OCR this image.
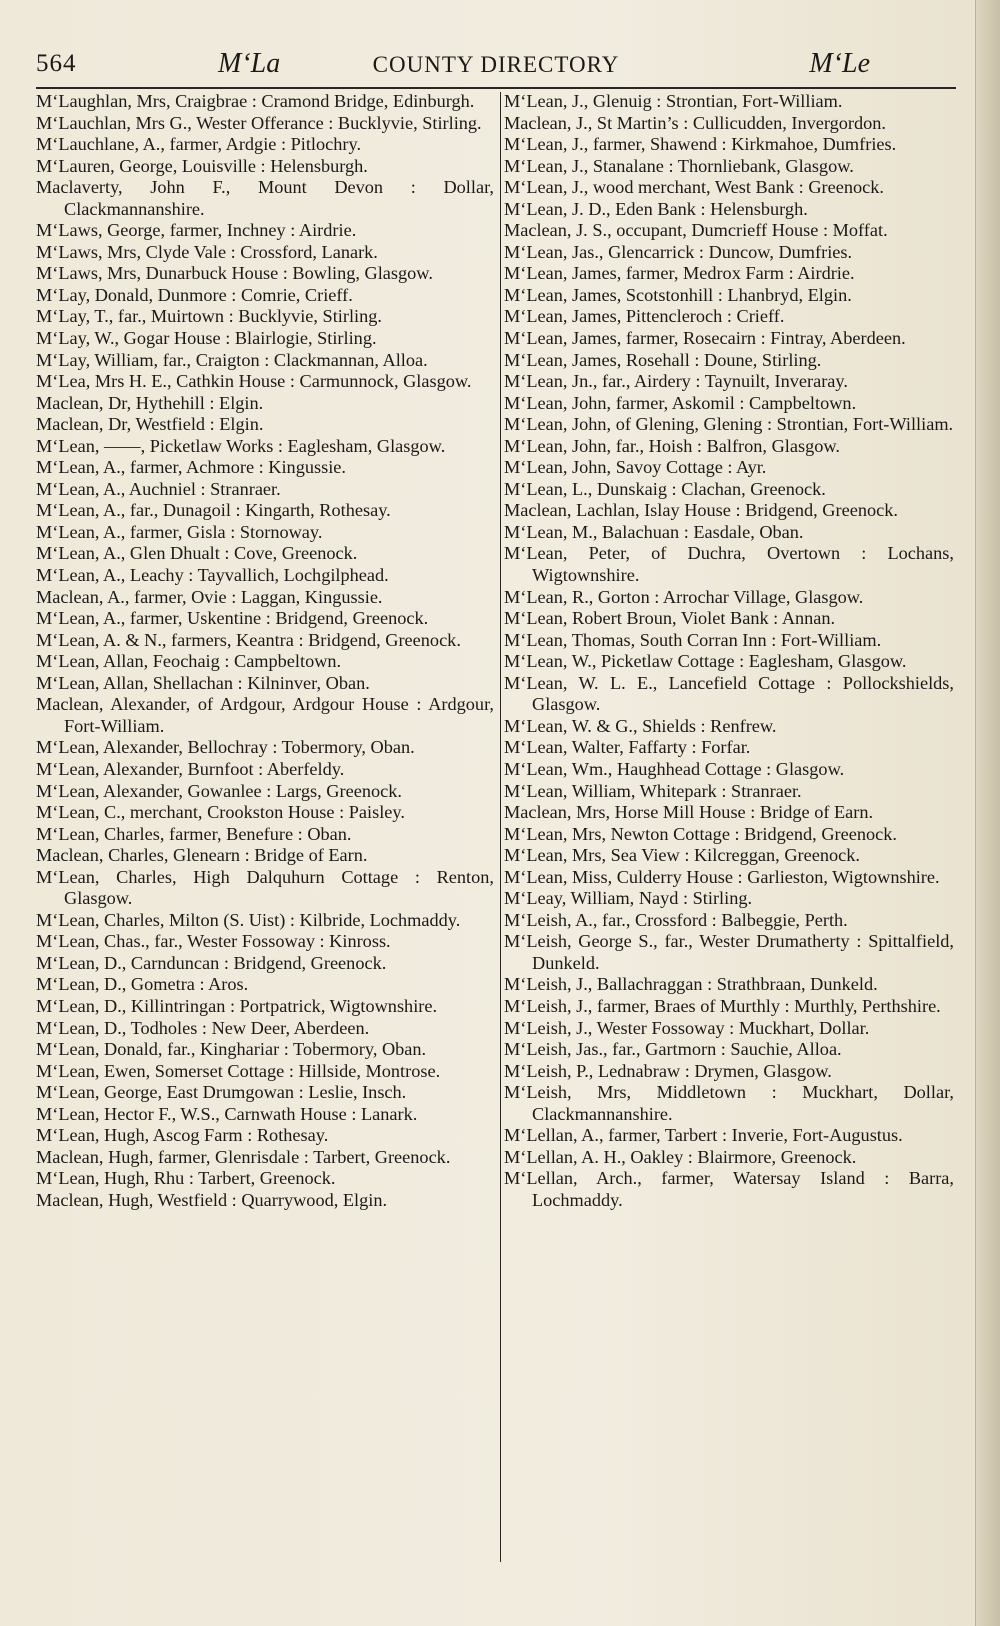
564	M‘La	COUNTY DIRECTORY	M‘Le
M‘Laughlan, Mrs, Craigbrae : Cramond Bridge, Edinburgh.
M‘Lauchlan, Mrs G., Wester Offerance : Bucklyvie, Stirling.
M‘Lauchlane, A., farmer, Ardgie : Pitlochry.
M‘Lauren, George, Louisville : Helensburgh.
Maclaverty, John F., Mount Devon : Dollar, Clackmannanshire.
M‘Laws, George, farmer, Inchney : Airdrie.
M‘Laws, Mrs, Clyde Vale : Crossford, Lanark.
M‘Laws, Mrs, Dunarbuck House : Bowling, Glasgow.
M‘Lay, Donald, Dunmore : Comrie, Crieff.
M‘Lay, T., far., Muirtown : Bucklyvie, Stirling.
M‘Lay, W., Gogar House : Blairlogie, Stirling.
M‘Lay, William, far., Craigton : Clackmannan, Alloa.
M‘Lea, Mrs H. E., Cathkin House : Carmunnock, Glasgow.
Maclean, Dr, Hythehill : Elgin.
Maclean, Dr, Westfield : Elgin.
M‘Lean, ——, Picketlaw Works : Eaglesham, Glasgow.
M‘Lean, A., farmer, Achmore : Kingussie.
M‘Lean, A., Auchniel : Stranraer.
M‘Lean, A., far., Dunagoil : Kingarth, Rothesay.
M‘Lean, A., farmer, Gisla : Stornoway.
M‘Lean, A., Glen Dhualt : Cove, Greenock.
M‘Lean, A., Leachy : Tayvallich, Lochgilphead.
Maclean, A., farmer, Ovie : Laggan, Kingussie.
M‘Lean, A., farmer, Uskentine : Bridgend, Greenock.
M‘Lean, A. & N., farmers, Keantra : Bridgend, Greenock.
M‘Lean, Allan, Feochaig : Campbeltown.
M‘Lean, Allan, Shellachan : Kilninver, Oban.
Maclean, Alexander, of Ardgour, Ardgour House : Ardgour, Fort-William.
M‘Lean, Alexander, Bellochray : Tobermory, Oban.
M‘Lean, Alexander, Burnfoot : Aberfeldy.
M‘Lean, Alexander, Gowanlee : Largs, Greenock.
M‘Lean, C., merchant, Crookston House : Paisley.
M‘Lean, Charles, farmer, Benefure : Oban.
Maclean, Charles, Glenearn : Bridge of Earn.
M‘Lean, Charles, High Dalquhurn Cottage : Renton, Glasgow.
M‘Lean, Charles, Milton (S. Uist) : Kilbride, Lochmaddy.
M‘Lean, Chas., far., Wester Fossoway : Kinross.
M‘Lean, D., Carnduncan : Bridgend, Greenock.
M‘Lean, D., Gometra : Aros.
M‘Lean, D., Killintringan : Portpatrick, Wigtownshire.
M‘Lean, D., Todholes : New Deer, Aberdeen.
M‘Lean, Donald, far., Kinghariar : Tobermory, Oban.
M‘Lean, Ewen, Somerset Cottage : Hillside, Montrose.
M‘Lean, George, East Drumgowan : Leslie, Insch.
M‘Lean, Hector F., W.S., Carnwath House : Lanark.
M‘Lean, Hugh, Ascog Farm : Rothesay.
Maclean, Hugh, farmer, Glenrisdale : Tarbert, Greenock.
M‘Lean, Hugh, Rhu : Tarbert, Greenock.
Maclean, Hugh, Westfield : Quarrywood, Elgin.
M‘Lean, J., Glenuig : Strontian, Fort-William.
Maclean, J., St Martin’s : Cullicudden, Invergordon.
M‘Lean, J., farmer, Shawend : Kirkmahoe, Dumfries.
M‘Lean, J., Stanalane : Thornliebank, Glasgow.
M‘Lean, J., wood merchant, West Bank : Greenock.
M‘Lean, J. D., Eden Bank : Helensburgh.
Maclean, J. S., occupant, Dumcrieff House : Moffat.
M‘Lean, Jas., Glencarrick : Duncow, Dumfries.
M‘Lean, James, farmer, Medrox Farm : Airdrie.
M‘Lean, James, Scotstonhill : Lhanbryd, Elgin.
M‘Lean, James, Pittencleroch : Crieff.
M‘Lean, James, farmer, Rosecairn : Fintray, Aberdeen.
M‘Lean, James, Rosehall : Doune, Stirling.
M‘Lean, Jn., far., Airdery : Taynuilt, Inveraray.
M‘Lean, John, farmer, Askomil : Campbeltown.
M‘Lean, John, of Glening, Glening : Strontian, Fort-William.
M‘Lean, John, far., Hoish : Balfron, Glasgow.
M‘Lean, John, Savoy Cottage : Ayr.
M‘Lean, L., Dunskaig : Clachan, Greenock.
Maclean, Lachlan, Islay House : Bridgend, Greenock.
M‘Lean, M., Balachuan : Easdale, Oban.
M‘Lean, Peter, of Duchra, Overtown : Lochans, Wigtownshire.
M‘Lean, R., Gorton : Arrochar Village, Glasgow.
M‘Lean, Robert Broun, Violet Bank : Annan.
M‘Lean, Thomas, South Corran Inn : Fort-William.
M‘Lean, W., Picketlaw Cottage : Eaglesham, Glasgow.
M‘Lean, W. L. E., Lancefield Cottage : Pollockshields, Glasgow.
M‘Lean, W. & G., Shields : Renfrew.
M‘Lean, Walter, Faffarty : Forfar.
M‘Lean, Wm., Haughhead Cottage : Glasgow.
M‘Lean, William, Whitepark : Stranraer.
Maclean, Mrs, Horse Mill House : Bridge of Earn.
M‘Lean, Mrs, Newton Cottage : Bridgend, Greenock.
M‘Lean, Mrs, Sea View : Kilcreggan, Greenock.
M‘Lean, Miss, Culderry House : Garlieston, Wigtownshire.
M‘Leay, William, Nayd : Stirling.
M‘Leish, A., far., Crossford : Balbeggie, Perth.
M‘Leish, George S., far., Wester Drumatherty : Spittalfield, Dunkeld.
M‘Leish, J., Ballachraggan : Strathbraan, Dunkeld.
M‘Leish, J., farmer, Braes of Murthly : Murthly, Perthshire.
M‘Leish, J., Wester Fossoway : Muckhart, Dollar.
M‘Leish, Jas., far., Gartmorn : Sauchie, Alloa.
M‘Leish, P., Lednabraw : Drymen, Glasgow.
M‘Leish, Mrs, Middletown : Muckhart, Dollar, Clackmannanshire.
M‘Lellan, A., farmer, Tarbert : Inverie, Fort-Augustus.
M‘Lellan, A. H., Oakley : Blairmore, Greenock.
M‘Lellan, Arch., farmer, Watersay Island : Barra, Lochmaddy.
